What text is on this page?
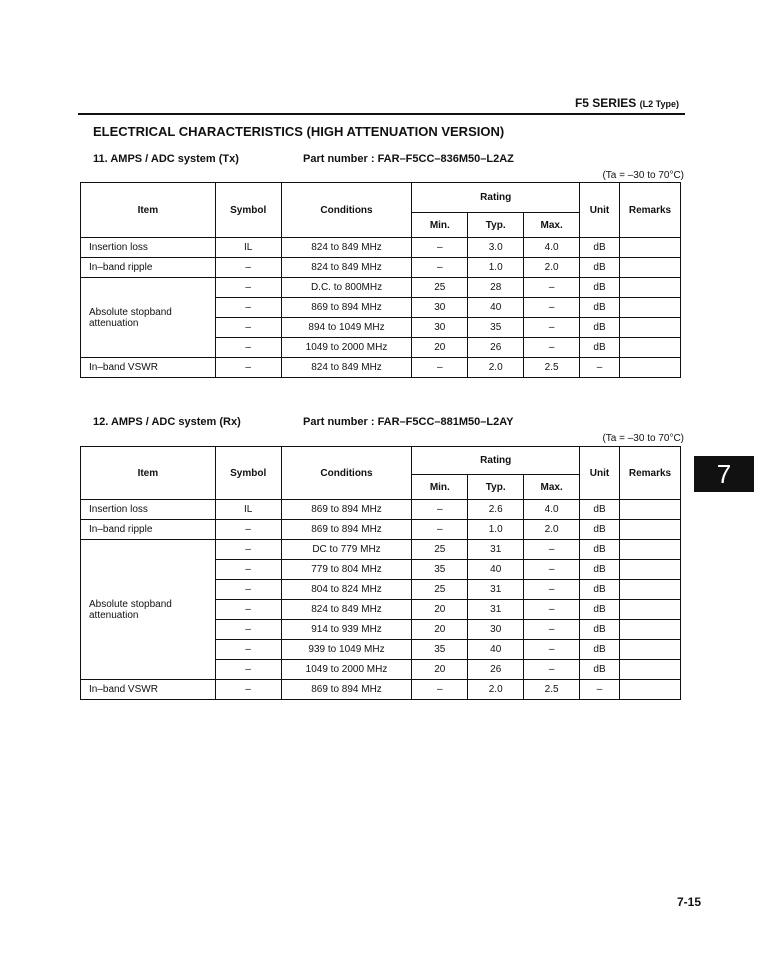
F5 SERIES (L2 Type)
ELECTRICAL CHARACTERISTICS (HIGH ATTENUATION VERSION)
11. AMPS / ADC system (Tx)	Part number : FAR–F5CC–836M50–L2AZ
(Ta = –30 to 70°C)
Item	Symbol	Conditions	Rating			Unit	Remarks
			Min.	Typ.	Max.		
Insertion loss	IL	824 to 849 MHz	–	3.0	4.0	dB	
In–band ripple	–	824 to 849 MHz	–	1.0	2.0	dB	
Absolute stopband attenuation	–	D.C. to 800MHz	25	28	–	dB	
	–	869 to 894 MHz	30	40	–	dB	
	–	894 to 1049 MHz	30	35	–	dB	
	–	1049 to 2000 MHz	20	26	–	dB	
In–band VSWR	–	824 to 849 MHz	–	2.0	2.5	–	
12. AMPS / ADC system (Rx)	Part number : FAR–F5CC–881M50–L2AY
(Ta = –30 to 70°C)
Item	Symbol	Conditions	Rating			Unit	Remarks
			Min.	Typ.	Max.		
Insertion loss	IL	869 to 894 MHz	–	2.6	4.0	dB	
In–band ripple	–	869 to 894 MHz	–	1.0	2.0	dB	
Absolute stopband attenuation	–	DC to 779 MHz	25	31	–	dB	
	–	779 to 804 MHz	35	40	–	dB	
	–	804 to 824 MHz	25	31	–	dB	
	–	824 to 849 MHz	20	31	–	dB	
	–	914 to 939 MHz	20	30	–	dB	
	–	939 to 1049 MHz	35	40	–	dB	
	–	1049 to 2000 MHz	20	26	–	dB	
In–band VSWR	–	869 to 894 MHz	–	2.0	2.5	–	
7
7-15
